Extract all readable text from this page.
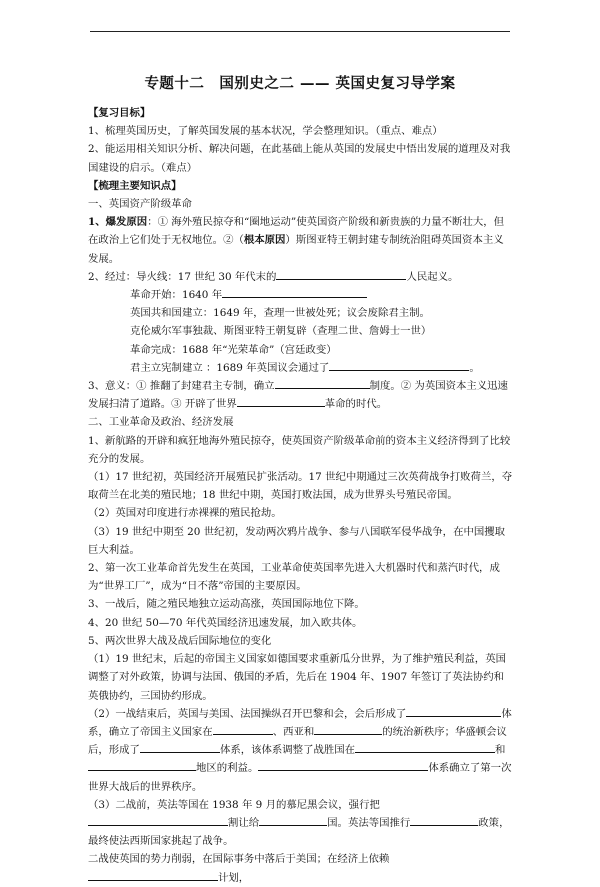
专题十二　国别史之二 —— 英国史复习导学案

【复习目标】

1、梳理英国历史，了解英国发展的基本状况，学会整理知识。（重点、难点）

2、能运用相关知识分析、解决问题，在此基础上能从英国的发展史中悟出发展的道理及对我国建设的启示。（难点）

【梳理主要知识点】

一、英国资产阶级革命

1、爆发原因：① 海外殖民掠夺和“圈地运动”使英国资产阶级和新贵族的力量不断壮大，但在政治上它们处于无权地位。②（根本原因）斯图亚特王朝封建专制统治阻碍英国资本主义发展。

2、经过：导火线：17 世纪 30 年代末的	人民起义。

革命开始：1640 年

英国共和国建立：1649 年，查理一世被处死；议会废除君主制。

克伦威尔军事独裁、斯图亚特王朝复辟（查理二世、詹姆士一世）

革命完成：1688 年“光荣革命”（宫廷政变）

君主立宪制建立 ：1689 年英国议会通过了	。

3、意义：① 推翻了封建君主专制，确立	制度。② 为英国资本主义迅速发展扫清了道路。③ 开辟了世界	革命的时代。

二、工业革命及政治、经济发展

1、新航路的开辟和疯狂地海外殖民掠夺，使英国资产阶级革命前的资本主义经济得到了比较充分的发展。

（1）17 世纪初，英国经济开展殖民扩张活动。17 世纪中期通过三次英荷战争打败荷兰，夺取荷兰在北美的殖民地；18 世纪中期，英国打败法国，成为世界头号殖民帝国。

（2）英国对印度进行赤裸裸的殖民抢劫。

（3）19 世纪中期至 20 世纪初，发动两次鸦片战争、参与八国联军侵华战争，在中国攫取巨大利益。

2、第一次工业革命首先发生在英国，工业革命使英国率先进入大机器时代和蒸汽时代，成为“世界工厂”，成为“日不落”帝国的主要原因。

3、一战后，随之殖民地独立运动高涨，英国国际地位下降。

4、20 世纪 50—70 年代英国经济迅速发展，加入欧共体。

5、两次世界大战及战后国际地位的变化

（1）19 世纪末，后起的帝国主义国家如德国要求重新瓜分世界，为了维护殖民利益，英国调整了对外政策，协调与法国、俄国的矛盾，先后在 1904 年、1907 年签订了英法协约和英俄协约，三国协约形成。

（2）一战结束后，英国与美国、法国操纵召开巴黎和会，会后形成了	体系，确立了帝国主义国家在	、西亚和	的统治新秩序；华盛顿会议后，形成了	体系，该体系调整了战胜国在	和地区的利益。	体系确立了第一次世界大战后的世界秩序。

（3）二战前，英法等国在 1938 年 9 月的慕尼黑会议，强行把割让给	国。英法等国推行	政策，最终使法西斯国家挑起了战争。

二战使英国的势力削弱，在国际事务中落后于美国；在经济上依赖计划，
